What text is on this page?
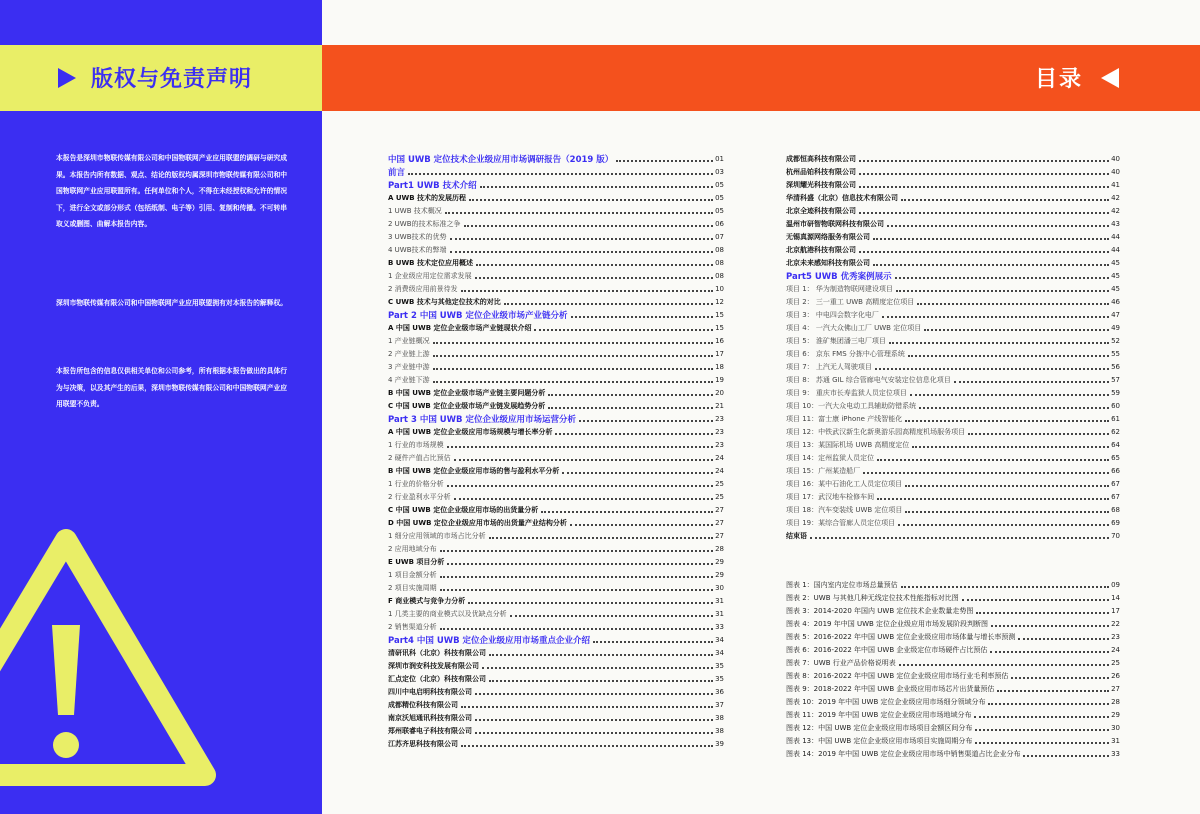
版权与免责声明
本报告是深圳市物联传媒有限公司和中国物联网产业应用联盟的调研与研究成果。本报告内所有数据、观点、结论的版权均属深圳市物联传媒有限公司和中国物联网产业应用联盟所有。任何单位和个人，不得在未经授权和允许的情况下，进行全文或部分形式（包括纸制、电子等）引用、复制和传播。不可转串取义或删图、曲解本报告内容。
深圳市物联传媒有限公司和中国物联网产业应用联盟拥有对本报告的解释权。
本报告所包含的信息仅供相关单位和公司参考，所有根据本报告做出的具体行为与决策，以及其产生的后果，深圳市物联传媒有限公司和中国物联网产业应用联盟不负责。
目录
中国 UWB 定位技术企业级应用市场调研报告（2019 版）	01
前言	03
Part1 UWB 技术介绍	05
A UWB 技术的发展历程	05
1 UWB 技术概况	05
2 UWB的技术标准之争	06
3 UWB技术的优势	07
4 UWB技术的弊端	08
B UWB 技术定位应用概述	08
1 企业级应用定位需求发展	08
2 消费级应用前景待发	10
C UWB 技术与其他定位技术的对比	12
Part 2 中国 UWB 定位企业级市场产业链分析	15
A 中国 UWB 定位企业级市场产业链现状介绍	15
1 产业链概况	16
2 产业链上游	17
3 产业链中游	18
4 产业链下游	19
B 中国 UWB 定位企业级市场产业链主要问题分析	20
C 中国 UWB 定位企业级市场产业链发展趋势分析	21
Part 3 中国 UWB 定位企业级应用市场运营分析	23
A 中国 UWB 定位企业级应用市场规模与增长率分析	23
1 行业的市场规模	23
2 硬件产值占比预估	24
B 中国 UWB 定位企业级应用市场的售与盈利水平分析	24
1 行业的价格分析	25
2 行业盈利水平分析	25
C 中国 UWB 定位企业级应用市场的出货量分析	27
D 中国 UWB 定位企业级应用市场的出货量产业结构分析	27
1 细分应用领域的市场占比分析	27
2 应用地域分布	28
E UWB 项目分析	29
1 项目金额分析	29
2 项目实施周期	30
F 商业模式与竞争力分析	31
1 几类主要的商业模式以及优缺点分析	31
2 销售渠道分析	33
Part4 中国 UWB 定位企业级应用市场重点企业介绍	34
清研讯科（北京）科技有限公司	34
深圳市润安科技发展有限公司	35
汇点定位（北京）科技有限公司	35
四川中电启明科技有限公司	36
成都精位科技有限公司	37
南京沃旭通讯科技有限公司	38
郑州联睿电子科技有限公司	38
江苏齐思科技有限公司	39
成都恒高科技有限公司	40
杭州品铂科技有限公司	40
深圳耀光科技有限公司	41
华清科盛（北京）信息技术有限公司	42
北京全迹科技有限公司	42
温州市研智物联网科技有限公司	43
无锡真源网络服务有限公司	44
北京航港科技有限公司	44
北京未来感知科技有限公司	45
Part5 UWB 优秀案例展示	45
项目 1： 华为制造物联网建设项目	45
项目 2： 三一重工 UWB 高精度定位项目	46
项目 3： 中电四会数字化电厂	47
项目 4： 一汽大众佛山工厂 UWB 定位项目	49
项目 5： 淮矿集团潘三电厂项目	52
项目 6： 京东 FMS 分拣中心管理系统	55
项目 7： 上汽无人驾驶项目	56
项目 8： 苏通 GIL 综合管廊电气安装定位信息化项目	57
项目 9： 重庆市长寿监狱人员定位项目	59
项目 10：一汽大众电动工具辅助防错系统	60
项目 11：富士康 iPhone 产线智能化	61
项目 12：中铁武汉新生化新奥游乐园高精度机场服务项目	62
项目 13：某国际机场 UWB 高精度定位	64
项目 14：定州监狱人员定位	65
项目 15：广州某造船厂	66
项目 16：某中石油化工人员定位项目	67
项目 17：武汉地车检修车间	67
项目 18：汽车变装线 UWB 定位项目	68
项目 19：某综合管廊人员定位项目	69
结束语	70
图表 1：国内室内定位市场总量预估	09
图表 2：UWB 与其他几种无线定位技术性能指标对比图	14
图表 3：2014-2020 年国内 UWB 定位技术企业数量走势图	17
图表 4：2019 年中国 UWB 定位企业级应用市场发展阶段判断图	22
图表 5：2016-2022 年中国 UWB 定位企业级应用市场体量与增长率预测	23
图表 6：2016-2022 年中国 UWB 企业级定位市场硬件占比预估	24
图表 7：UWB 行业产品价格说明表	25
图表 8：2016-2022 年中国 UWB 定位企业级应用市场行业毛利率预估	26
图表 9：2018-2022 年中国 UWB 企业级应用市场芯片出货量预估	27
图表 10：2019 年中国 UWB 定位企业级应用市场细分领域分布	28
图表 11：2019 年中国 UWB 定位企业级应用市场地域分布	29
图表 12：中国 UWB 定位企业级应用市场项目金额区间分布	30
图表 13：中国 UWB 定位企业级应用市场项目实施周期分布	31
图表 14：2019 年中国 UWB 定位企业级应用市场中销售渠道占比企业分布	33
